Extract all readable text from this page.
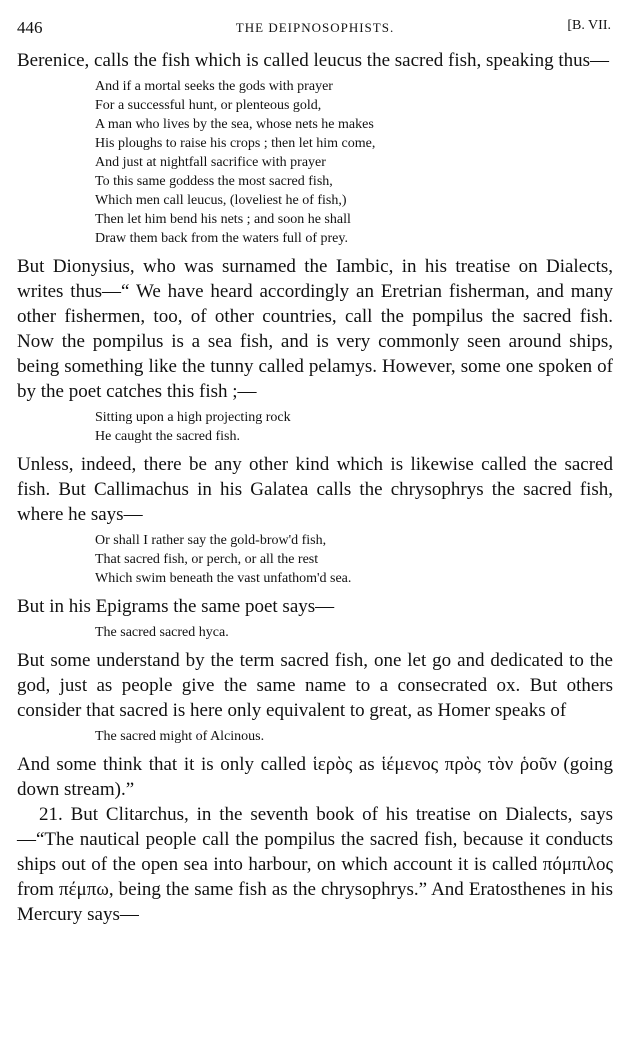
446	THE DEIPNOSOPHISTS.	[B. VII.

Berenice, calls the fish which is called leucus the sacred fish, speaking thus—

And if a mortal seeks the gods with prayer
For a successful hunt, or plenteous gold,
A man who lives by the sea, whose nets he makes
His ploughs to raise his crops ; then let him come,
And just at nightfall sacrifice with prayer
To this same goddess the most sacred fish,
Which men call leucus, (loveliest he of fish,)
Then let him bend his nets ; and soon he shall
Draw them back from the waters full of prey.

But Dionysius, who was surnamed the Iambic, in his treatise on Dialects, writes thus—“ We have heard accordingly an Eretrian fisherman, and many other fishermen, too, of other countries, call the pompilus the sacred fish. Now the pompilus is a sea fish, and is very commonly seen around ships, being something like the tunny called pelamys. However, some one spoken of by the poet catches this fish ;—

Sitting upon a high projecting rock
He caught the sacred fish.

Unless, indeed, there be any other kind which is likewise called the sacred fish. But Callimachus in his Galatea calls the chrysophrys the sacred fish, where he says—

Or shall I rather say the gold-brow'd fish,
That sacred fish, or perch, or all the rest
Which swim beneath the vast unfathom'd sea.

But in his Epigrams the same poet says—

The sacred sacred hyca.

But some understand by the term sacred fish, one let go and dedicated to the god, just as people give the same name to a consecrated ox. But others consider that sacred is here only equivalent to great, as Homer speaks of

The sacred might of Alcinous.

And some think that it is only called ἱερὸς as ἱέμενος πρὸς τὸν ῥοῦν (going down stream).”

21. But Clitarchus, in the seventh book of his treatise on Dialects, says—“The nautical people call the pompilus the sacred fish, because it conducts ships out of the open sea into harbour, on which account it is called πόμπιλος from πέμπω, being the same fish as the chrysophrys.” And Eratosthenes in his Mercury says—
